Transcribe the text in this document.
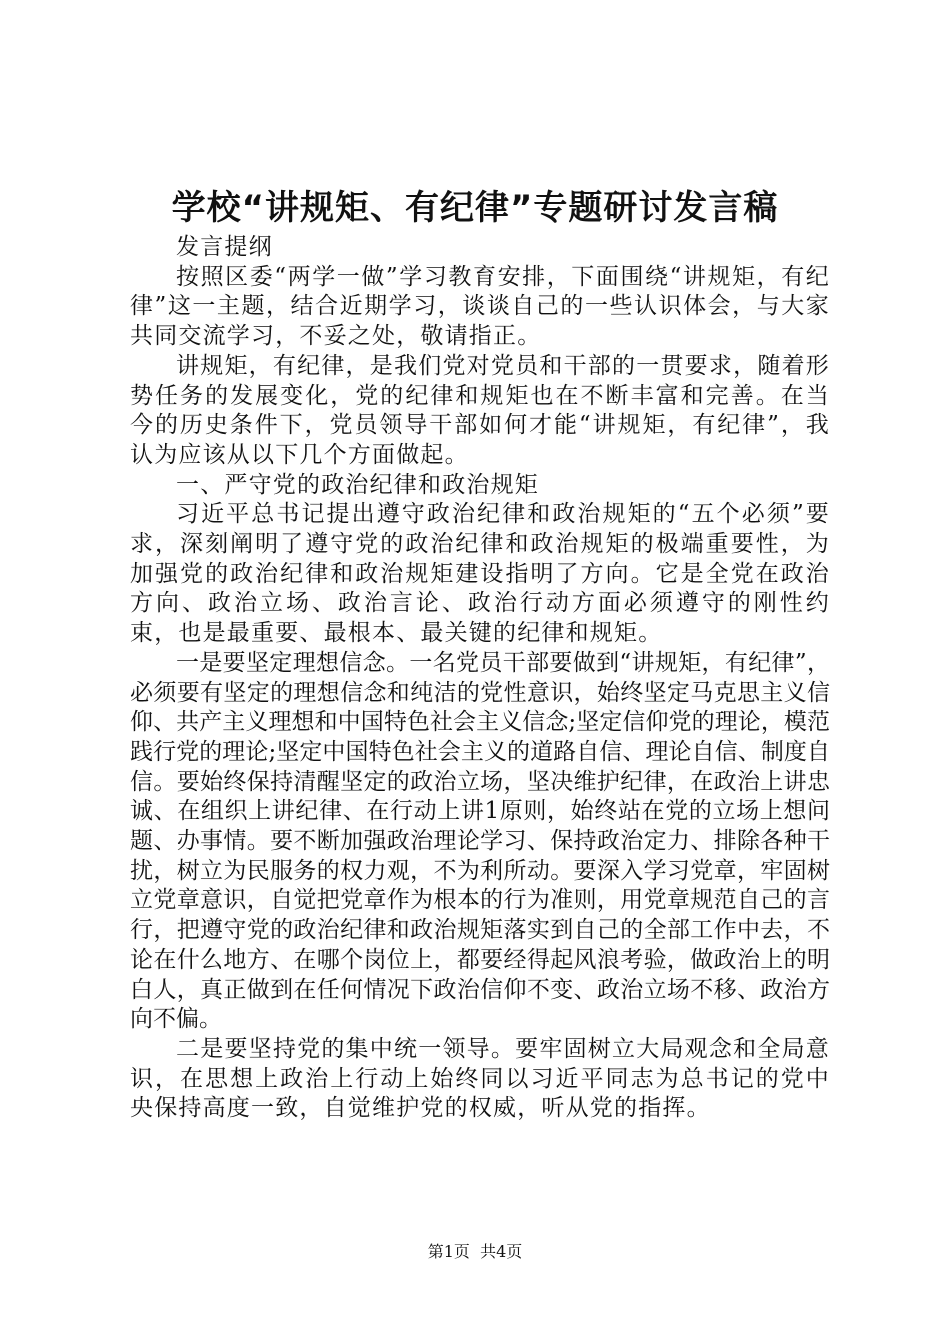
学校“讲规矩、有纪律”专题研讨发言稿

发言提纲

按照区委“两学一做”学习教育安排，下面围绕“讲规矩，有纪律”这一主题，结合近期学习，谈谈自己的一些认识体会，与大家共同交流学习，不妥之处，敬请指正。

讲规矩，有纪律，是我们党对党员和干部的一贯要求，随着形势任务的发展变化，党的纪律和规矩也在不断丰富和完善。在当今的历史条件下，党员领导干部如何才能“讲规矩，有纪律”，我认为应该从以下几个方面做起。

一、严守党的政治纪律和政治规矩

习近平总书记提出遵守政治纪律和政治规矩的“五个必须”要求，深刻阐明了遵守党的政治纪律和政治规矩的极端重要性，为加强党的政治纪律和政治规矩建设指明了方向。它是全党在政治方向、政治立场、政治言论、政治行动方面必须遵守的刚性约束，也是最重要、最根本、最关键的纪律和规矩。

一是要坚定理想信念。一名党员干部要做到“讲规矩，有纪律”，必须要有坚定的理想信念和纯洁的党性意识，始终坚定马克思主义信仰、共产主义理想和中国特色社会主义信念;坚定信仰党的理论，模范践行党的理论;坚定中国特色社会主义的道路自信、理论自信、制度自信。要始终保持清醒坚定的政治立场，坚决维护纪律，在政治上讲忠诚、在组织上讲纪律、在行动上讲1原则，始终站在党的立场上想问题、办事情。要不断加强政治理论学习、保持政治定力、排除各种干扰，树立为民服务的权力观，不为利所动。要深入学习党章，牢固树立党章意识，自觉把党章作为根本的行为准则，用党章规范自己的言行，把遵守党的政治纪律和政治规矩落实到自己的全部工作中去，不论在什么地方、在哪个岗位上，都要经得起风浪考验，做政治上的明白人，真正做到在任何情况下政治信仰不变、政治立场不移、政治方向不偏。

二是要坚持党的集中统一领导。要牢固树立大局观念和全局意识，在思想上政治上行动上始终同以习近平同志为总书记的党中央保持高度一致，自觉维护党的权威，听从党的指挥。

第1页  共4页
